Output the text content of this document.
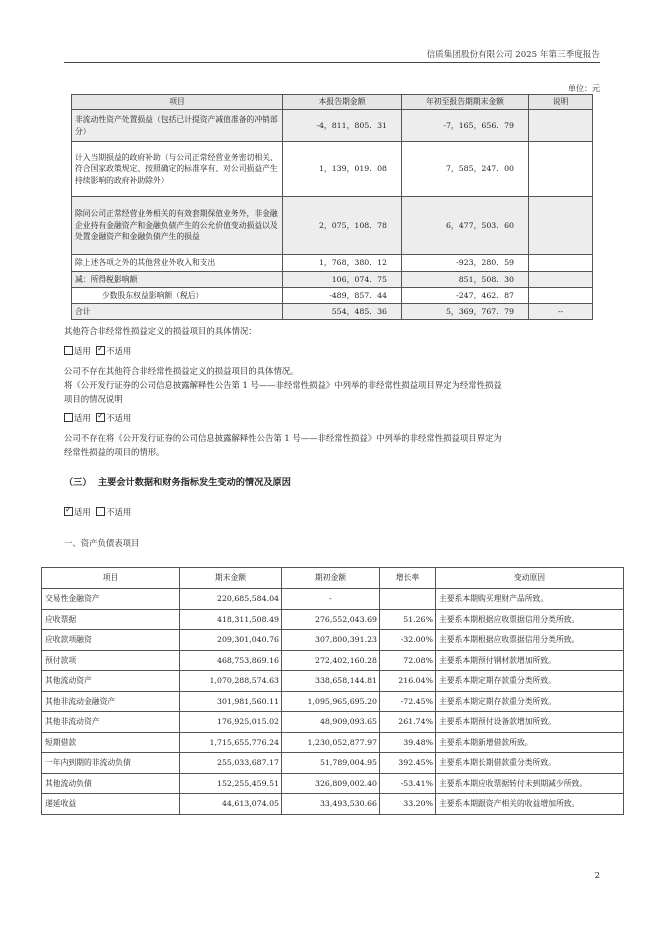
信质集团股份有限公司 2025 年第三季度报告
单位：元
项目	本报告期金额	年初至报告期期末金额	说明
非流动性资产处置损益（包括已计提资产减值准备的冲销部分）	-4，811，805．31	-7，165，656．79	
计入当期损益的政府补助（与公司正常经营业务密切相关、符合国家政策规定、按照确定的标准享有、对公司损益产生持续影响的政府补助除外）	1，139，019．08	7，585，247．00	
除同公司正常经营业务相关的有效套期保值业务外，非金融企业持有金融资产和金融负债产生的公允价值变动损益以及处置金融资产和金融负债产生的损益	2，075，108．78	6，477，503．60	
除上述各项之外的其他营业外收入和支出	1，768，380．12	-923，280．59	
减：所得税影响额	106，074．75	851，508．30	
少数股东权益影响额（税后）	-489，857．44	-247，462．87	
合计	554，485．36	5，369，767．79	--
其他符合非经常性损益定义的损益项目的具体情况：
适用 ✓ 不适用
公司不存在其他符合非经常性损益定义的损益项目的具体情况。
将《公开发行证券的公司信息披露解释性公告第 1 号——非经常性损益》中列举的非经常性损益项目界定为经常性损益
项目的情况说明
适用 ✓ 不适用
公司不存在将《公开发行证券的公司信息披露解释性公告第 1 号——非经常性损益》中列举的非经常性损益项目界定为
经常性损益的项目的情形。
（三）  主要会计数据和财务指标发生变动的情况及原因
✓适用 不适用
一、资产负债表项目
项目	期末金额	期初金额	增长率	变动原因
交易性金融资产	220,685,584.04	-		主要系本期购买理财产品所致。
应收票据	418,311,508.49	276,552,043.69	51.26%	主要系本期根据应收票据信用分类所致。
应收款项融资	209,301,040.76	307,800,391.23	-32.00%	主要系本期根据应收票据信用分类所致。
预付款项	468,753,869.16	272,402,160.28	72.08%	主要系本期预付钢材款增加所致。
其他流动资产	1,070,288,574.63	338,658,144.81	216.04%	主要系本期定期存款重分类所致。
其他非流动金融资产	301,981,560.11	1,095,965,695.20	-72.45%	主要系本期定期存款重分类所致。
其他非流动资产	176,925,015.02	48,909,093.65	261.74%	主要系本期预付设备款增加所致。
短期借款	1,715,655,776.24	1,230,052,877.97	39.48%	主要系本期新增借款所致。
一年内到期的非流动负债	255,033,687.17	51,789,004.95	392.45%	主要系本期长期借款重分类所致。
其他流动负债	152,255,459.51	326,809,002.40	-53.41%	主要系本期应收票据转付未到期减少所致。
递延收益	44,613,074.05	33,493,530.66	33.20%	主要系本期跟资产相关的收益增加所致。
2
